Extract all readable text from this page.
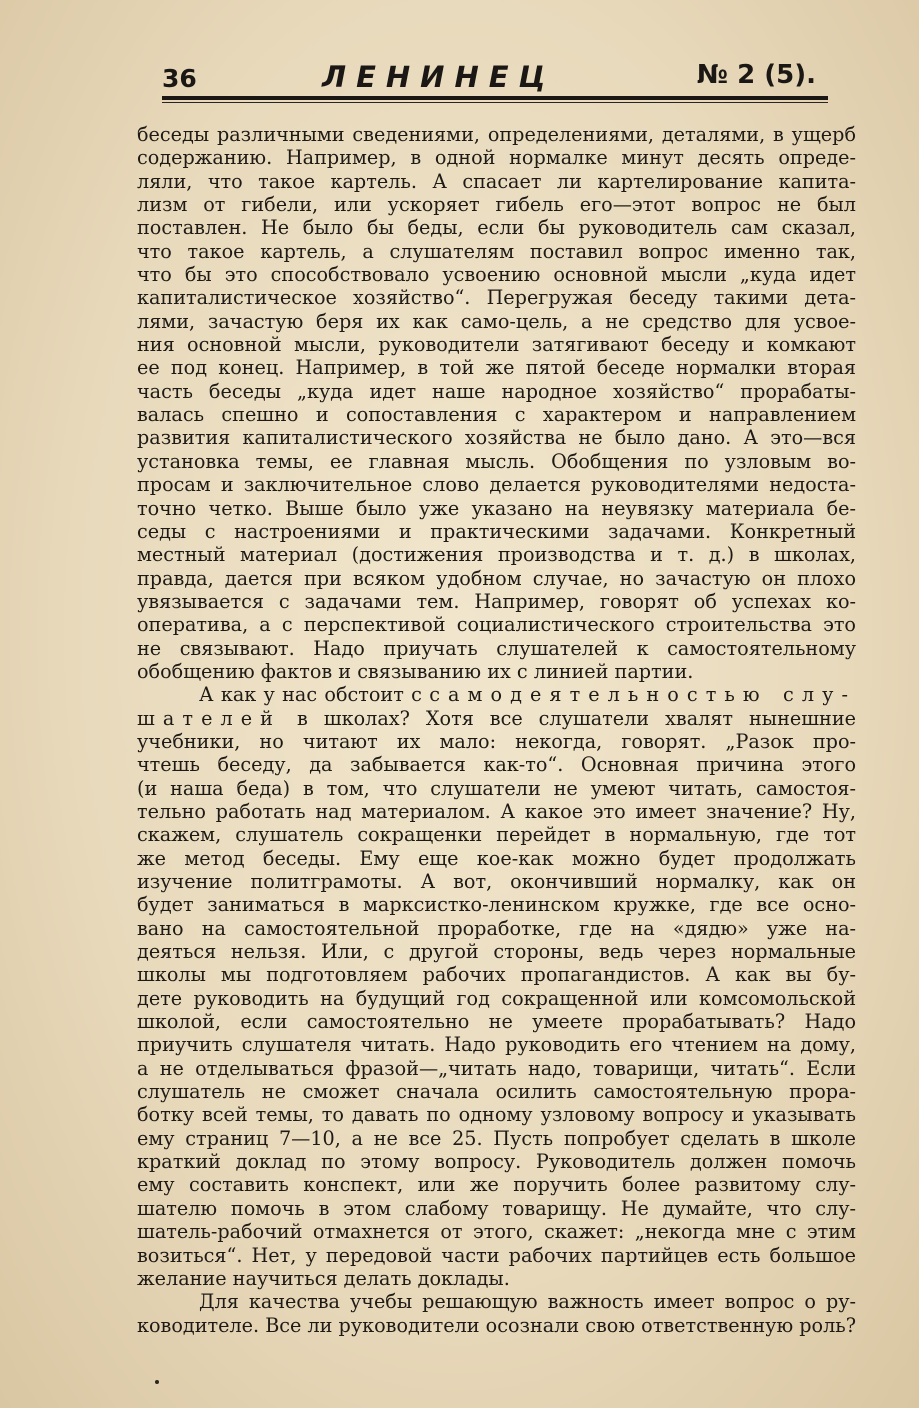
36	ЛЕНИНЕЦ	№ 2 (5).
беседы различными сведениями, определениями, деталями, в ущерб
содержанию. Например, в одной нормалке минут десять опреде-
ляли, что такое картель. А спасает ли картелирование капита-
лизм от гибели, или ускоряет гибель его—этот вопрос не был
поставлен. Не было бы беды, если бы руководитель сам сказал,
что такое картель, а слушателям поставил вопрос именно так,
что бы это способствовало усвоению основной мысли „куда идет
капиталистическое хозяйство“. Перегружая беседу такими дета-
лями, зачастую беря их как само-цель, а не средство для усвое-
ния основной мысли, руководители затягивают беседу и комкают
ее под конец. Например, в той же пятой беседе нормалки вторая
часть беседы „куда идет наше народное хозяйство“ прорабаты-
валась спешно и сопоставления с характером и направлением
развития капиталистического хозяйства не было дано. А это—вся
установка темы, ее главная мысль. Обобщения по узловым во-
просам и заключительное слово делается руководителями недоста-
точно четко. Выше было уже указано на неувязку материала бе-
седы с настроениями и практическими задачами. Конкретный
местный материал (достижения производства и т. д.) в школах,
правда, дается при всяком удобном случае, но зачастую он плохо
увязывается с задачами тем. Например, говорят об успехах ко-
оператива, а с перспективой социалистического строительства это
не связывают. Надо приучать слушателей к самостоятельному
обобщению фактов и связыванию их с линией партии.
А как у нас обстоит с самодеятельностью слу-
шателей в школах? Хотя все слушатели хвалят нынешние
учебники, но читают их мало: некогда, говорят. „Разок про-
чтешь беседу, да забывается как-то“. Основная причина этого
(и наша беда) в том, что слушатели не умеют читать, самостоя-
тельно работать над материалом. А какое это имеет значение? Ну,
скажем, слушатель сокращенки перейдет в нормальную, где тот
же метод беседы. Ему еще кое-как можно будет продолжать
изучение политграмоты. А вот, окончивший нормалку, как он
будет заниматься в марксистко-ленинском кружке, где все осно-
вано на самостоятельной проработке, где на «дядю» уже на-
деяться нельзя. Или, с другой стороны, ведь через нормальные
школы мы подготовляем рабочих пропагандистов. А как вы бу-
дете руководить на будущий год сокращенной или комсомольской
школой, если самостоятельно не умеете прорабатывать? Надо
приучить слушателя читать. Надо руководить его чтением на дому,
а не отделываться фразой—„читать надо, товарищи, читать“. Если
слушатель не сможет сначала осилить самостоятельную прора-
ботку всей темы, то давать по одному узловому вопросу и указывать
ему страниц 7—10, а не все 25. Пусть попробует сделать в школе
краткий доклад по этому вопросу. Руководитель должен помочь
ему составить конспект, или же поручить более развитому слу-
шателю помочь в этом слабому товарищу. Не думайте, что слу-
шатель-рабочий отмахнется от этого, скажет: „некогда мне с этим
возиться“. Нет, у передовой части рабочих партийцев есть большое
желание научиться делать доклады.
Для качества учебы решающую важность имеет вопрос о ру-
ководителе. Все ли руководители осознали свою ответственную роль?
